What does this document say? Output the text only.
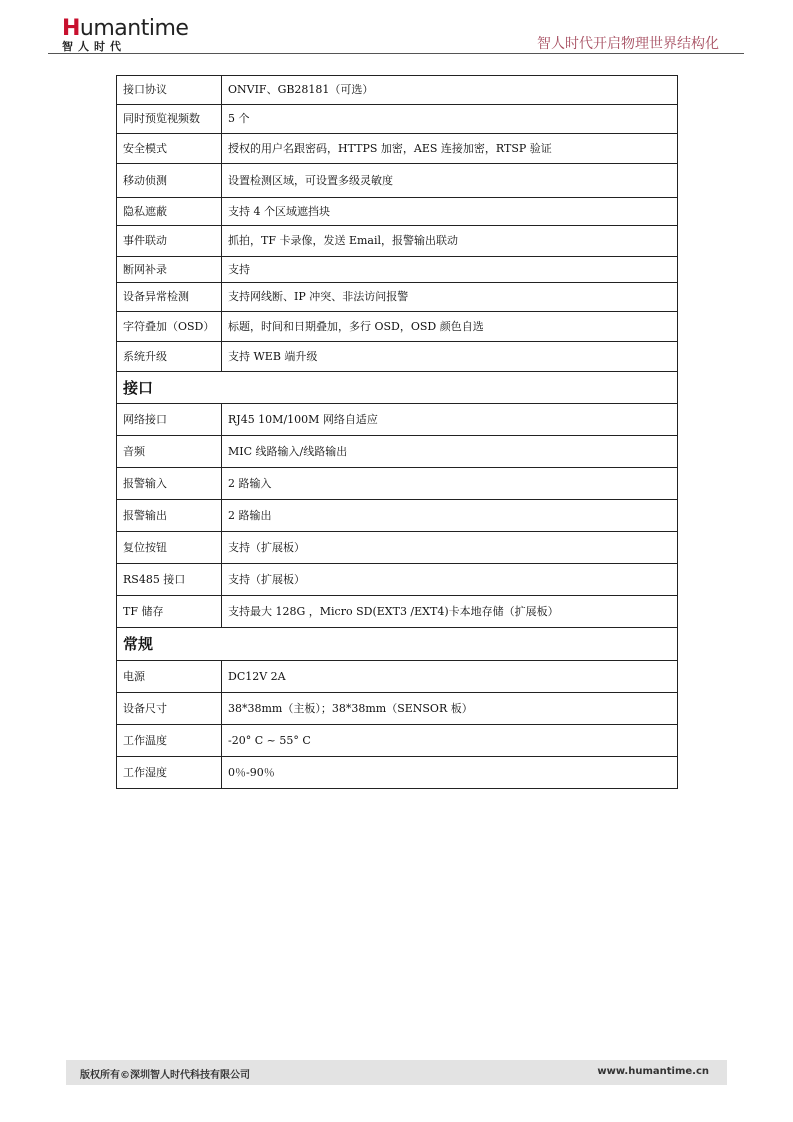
Humantime
智人时代	智人时代开启物理世界结构化
接口协议	ONVIF、GB28181（可选）
同时预览视频数	5 个
安全模式	授权的用户名跟密码，HTTPS 加密，AES 连接加密，RTSP 验证
移动侦测	设置检测区域，可设置多级灵敏度
隐私遮蔽	支持 4 个区域遮挡块
事件联动	抓拍，TF 卡录像，发送 Email，报警输出联动
断网补录	支持
设备异常检测	支持网线断、IP 冲突、非法访问报警
字符叠加（OSD）	标题，时间和日期叠加，多行 OSD，OSD 颜色自选
系统升级	支持 WEB 端升级
接口	
网络接口	RJ45 10M/100M 网络自适应
音频	MIC 线路输入/线路输出
报警输入	2 路输入
报警输出	2 路输出
复位按钮	支持（扩展板）
RS485 接口	支持（扩展板）
TF 储存	支持最大 128G ，Micro SD(EXT3 /EXT4)卡本地存储（扩展板）
常规	
电源	DC12V 2A
设备尺寸	38*38mm（主板）；38*38mm（SENSOR 板）
工作温度	-20° C ~ 55° C
工作湿度	0％-90％
版权所有©深圳智人时代科技有限公司	www.humantime.cn
